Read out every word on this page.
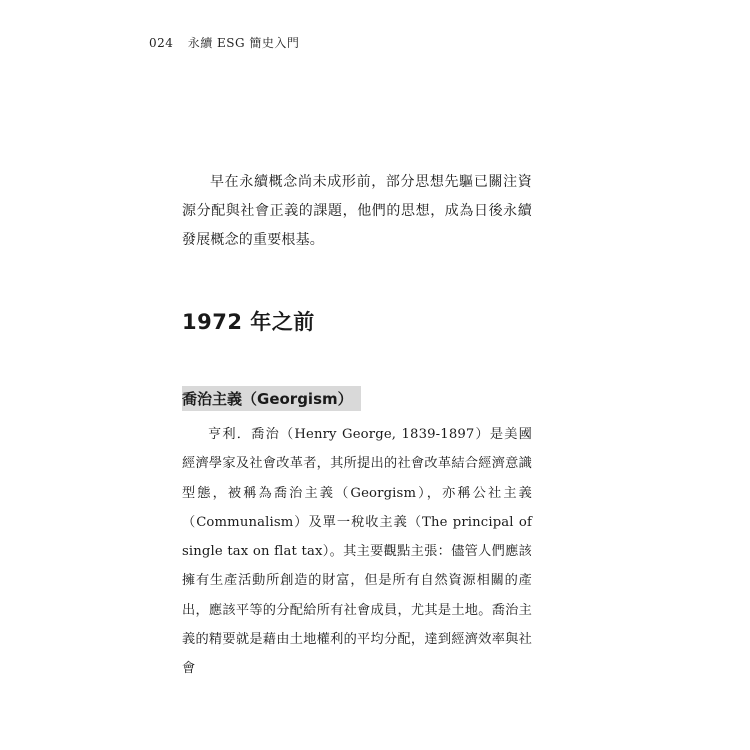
024 永續 ESG 簡史入門

早在永續概念尚未成形前，部分思想先驅已關注資源分配與社會正義的課題，他們的思想，成為日後永續發展概念的重要根基。

1972 年之前
喬治主義（Georgism）

亨利．喬治（Henry George, 1839-1897）是美國經濟學家及社會改革者，其所提出的社會改革結合經濟意識型態，被稱為喬治主義（Georgism），亦稱公社主義（Communalism）及單一稅收主義（The principal of single tax on flat tax）。其主要觀點主張：儘管人們應該擁有生產活動所創造的財富，但是所有自然資源相關的產出，應該平等的分配給所有社會成員，尤其是土地。喬治主義的精要就是藉由土地權利的平均分配，達到經濟效率與社會
